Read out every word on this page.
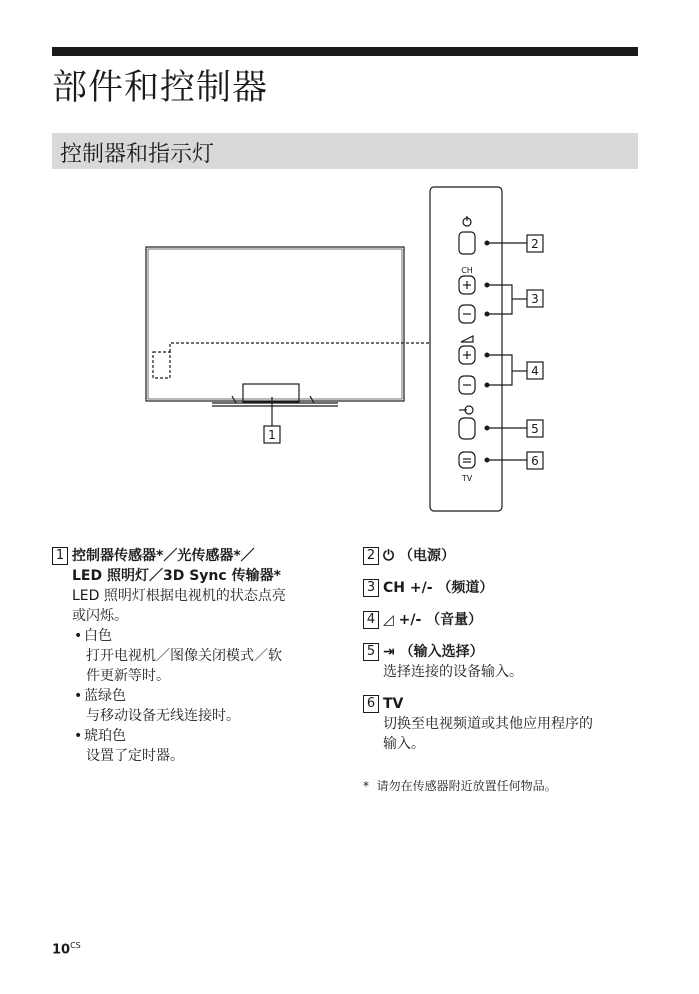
部件和控制器
控制器和指示灯
1
2
3
4
5
6
CH
TV
1 控制器传感器*／光传感器*／
LED 照明灯／3D Sync 传输器*
LED 照明灯根据电视机的状态点亮
或闪烁。
• 白色
打开电视机／图像关闭模式／软
件更新等时。
• 蓝绿色
与移动设备无线连接时。
• 琥珀色
设置了定时器。
2 ⏻ （电源）
3 CH +/- （频道）
4 ◿ +/- （音量）
5 ⇥ （输入选择）
选择连接的设备输入。
6 TV
切换至电视频道或其他应用程序的
输入。
* 请勿在传感器附近放置任何物品。
$10^{CS}$
